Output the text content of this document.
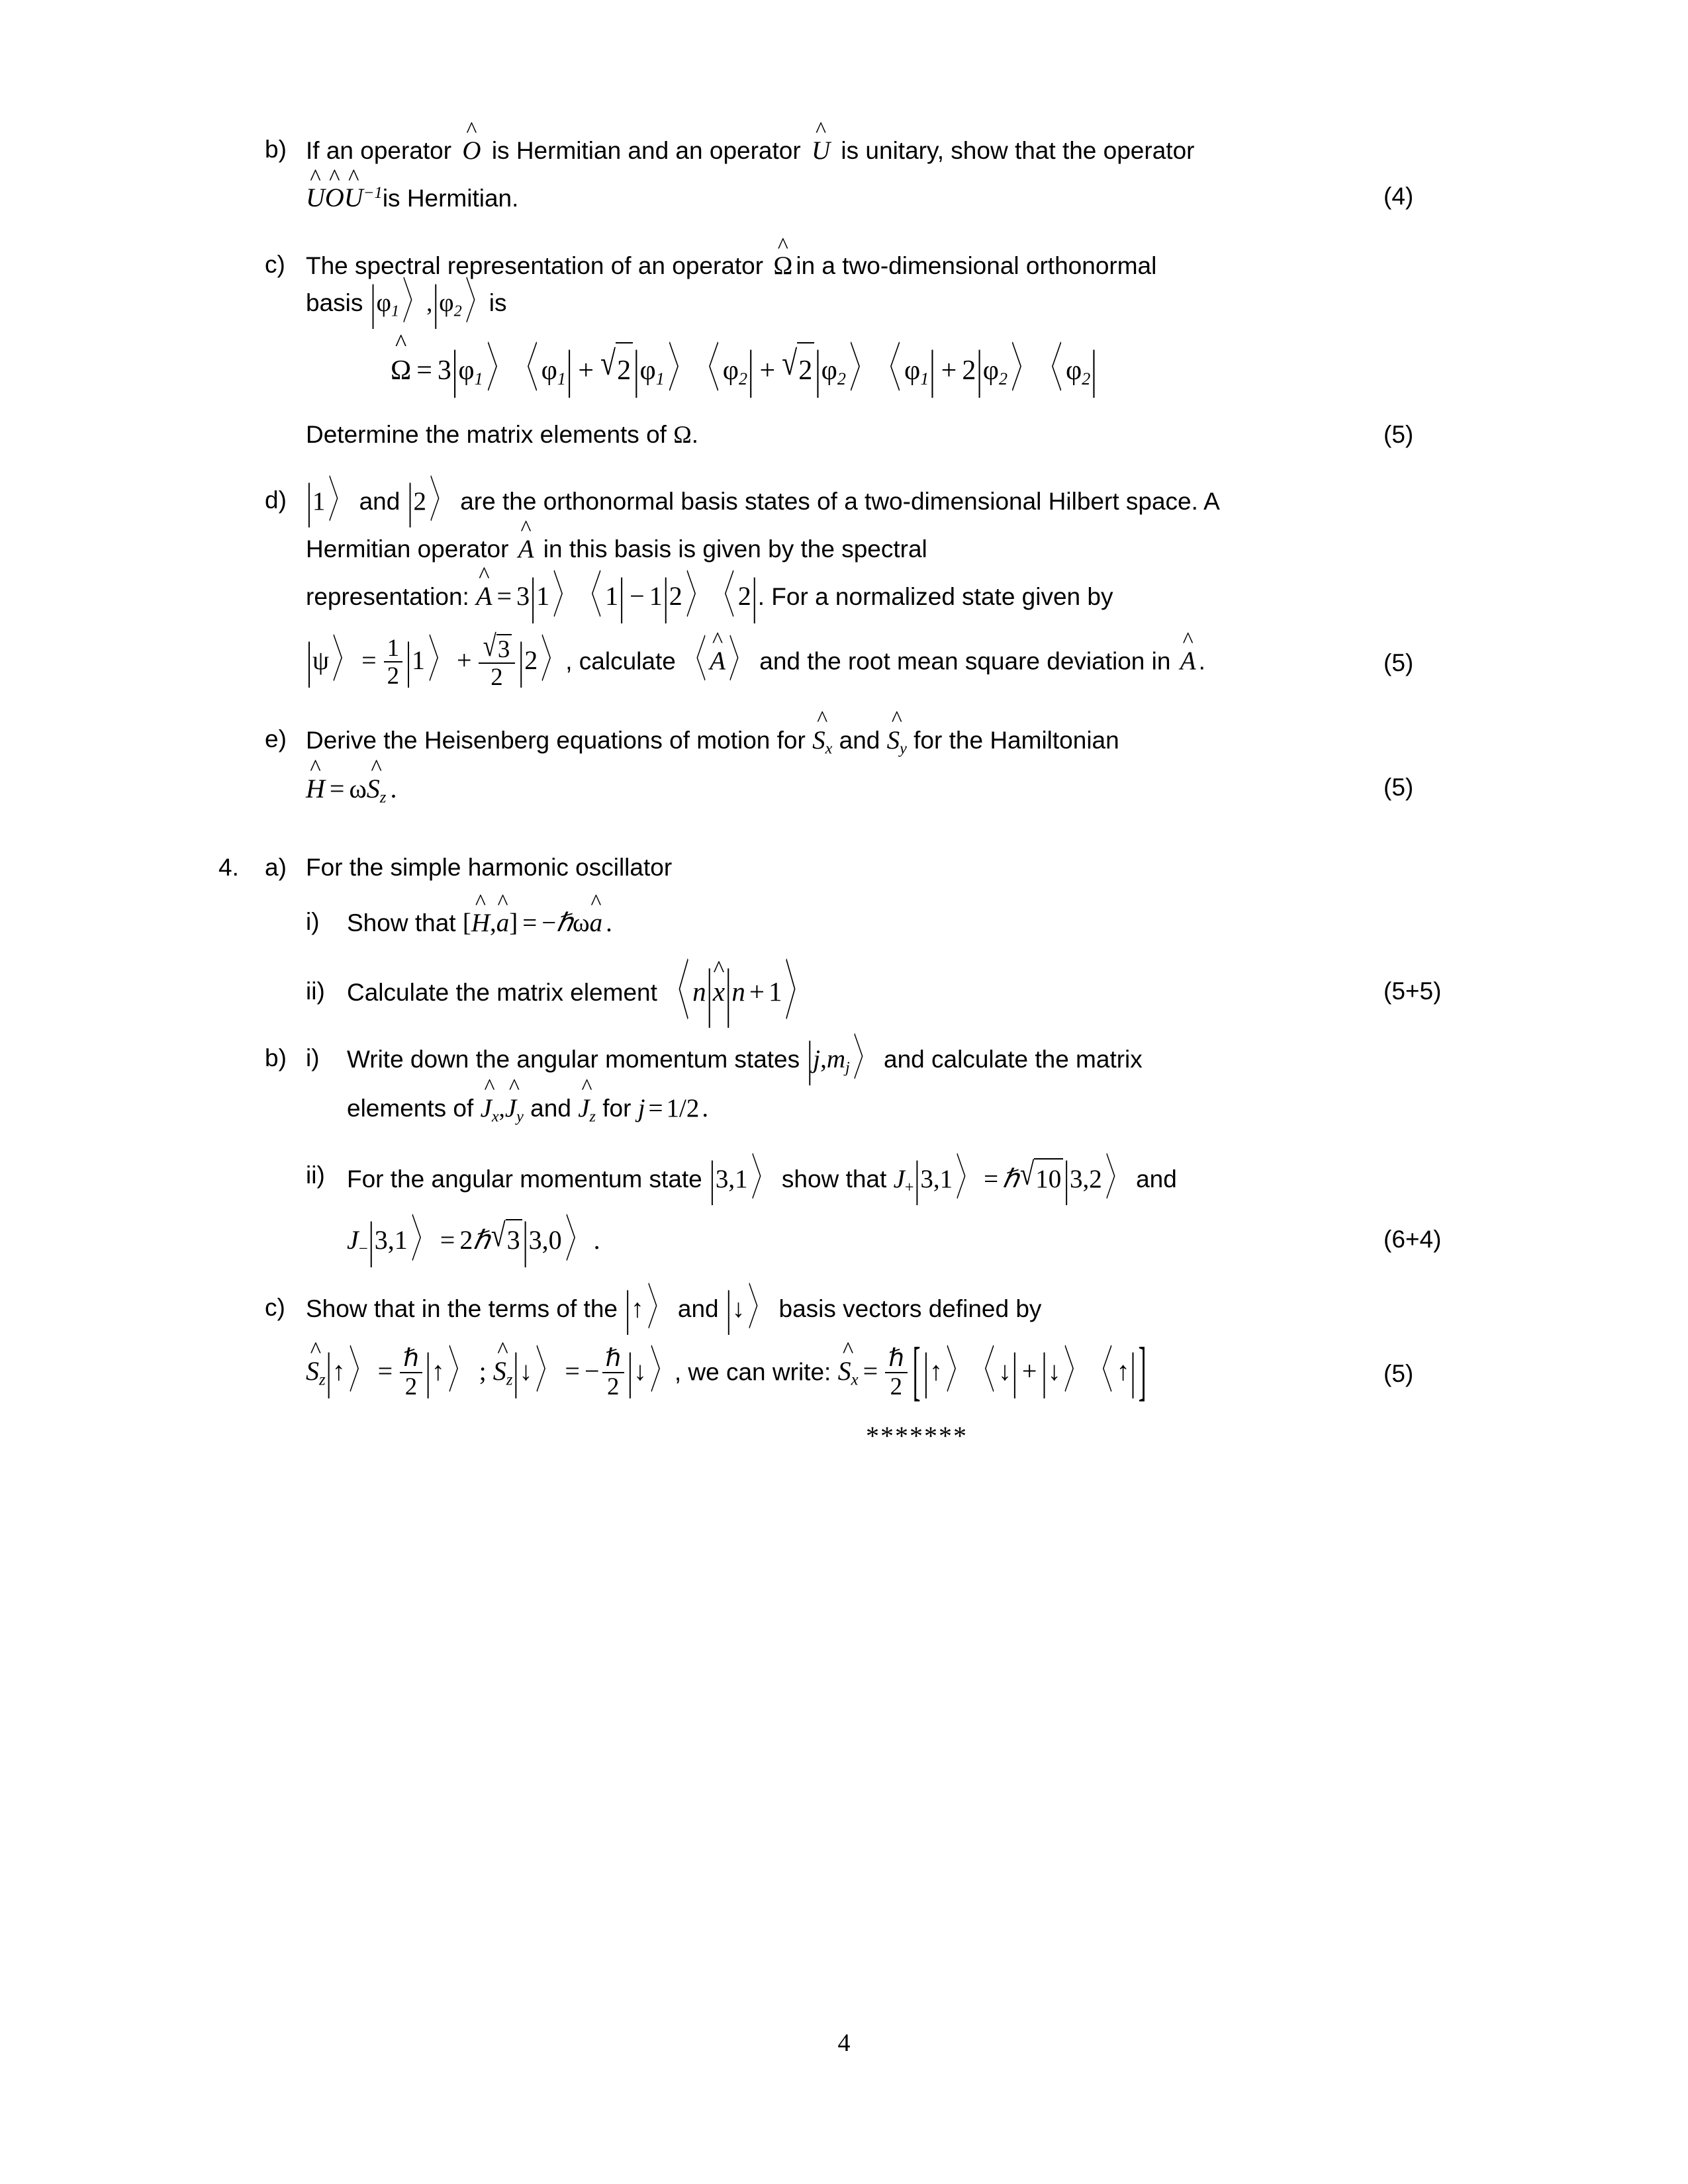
b) If an operator
^
O is Hermitian and an operator
^
U is unitary, show that the operator
^
U
^
O
^
$U^{-1}is$ Hermitian.	(4)
c) The spectral representation of an operator
^
Ω in a two-dimensional orthonormal
basis $|\varphi_1$ 〉 $,|\varphi_2$ 〉 is
^
$\Omega = 3|\varphi_1$ 〉 〈 $\varphi_1| + √2|\varphi_1$ 〉 〈 $\varphi_2| + √2|\varphi_2$ 〉 〈 $\varphi_1| + 2|\varphi_2$ 〉 〈 $\varphi_2|$
Determine the matrix elements of Ω.	(5)
d) |1 〉 and |2 〉 are the orthonormal basis states of a two-dimensional Hilbert space. A
Hermitian operator
^
A in this basis is given by the spectral
representation:
^
A = 3|1 〉 〈 1| − 1|2 〉 〈 2|. For a normalized state given by
|ψ 〉 = $\frac{1}{2} |1$ 〉 + $\frac{√3}{2} |2$ 〉 , calculate 〈 ^
A 〉 and the root mean square deviation in
^
A .	(5)
e) Derive the Heisenberg equations of motion for
^
$S_x$ and
^
$S_y$ for the Hamiltonian
^
H = ω
^
$S_z$ .	(5)
4.	a) For the simple harmonic oscillator
i)	Show that [
^
H,
^
a] = −ℏω
^
a .
ii) Calculate the matrix element 〈 n| ^
x|n + 1 〉	(5+5)
b) i)	Write down the angular momentum states $|j,m_j$ 〉 and calculate the matrix
elements of
^
$J_x$,
^
$J_y$ and
^
$J_z$ for j = 1/2 .
ii) For the angular momentum state |3,1 〉 show that $J_+|3,1$ 〉 = ℏ√10 |3,2 〉 and
$J_-|3,1$ 〉 = 2ℏ√3 |3,0 〉 .	(6+4)
c) Show that in the terms of the |↑ 〉 and |↓ 〉 basis vectors defined by
^
$S_z|↑$ 〉 = $\frac{\text{ℏ}}{2}$ |↑ 〉 ;
^
$S_z|↓$ 〉 = − $\frac{\text{ℏ}}{2}$ |↓ 〉 , we can write:
^
$S_x = \frac{\text{ℏ}}{2}$ [ |↑ 〉 〈 ↓| + |↓ 〉 〈 ↑| ]	(5)
*******
4
